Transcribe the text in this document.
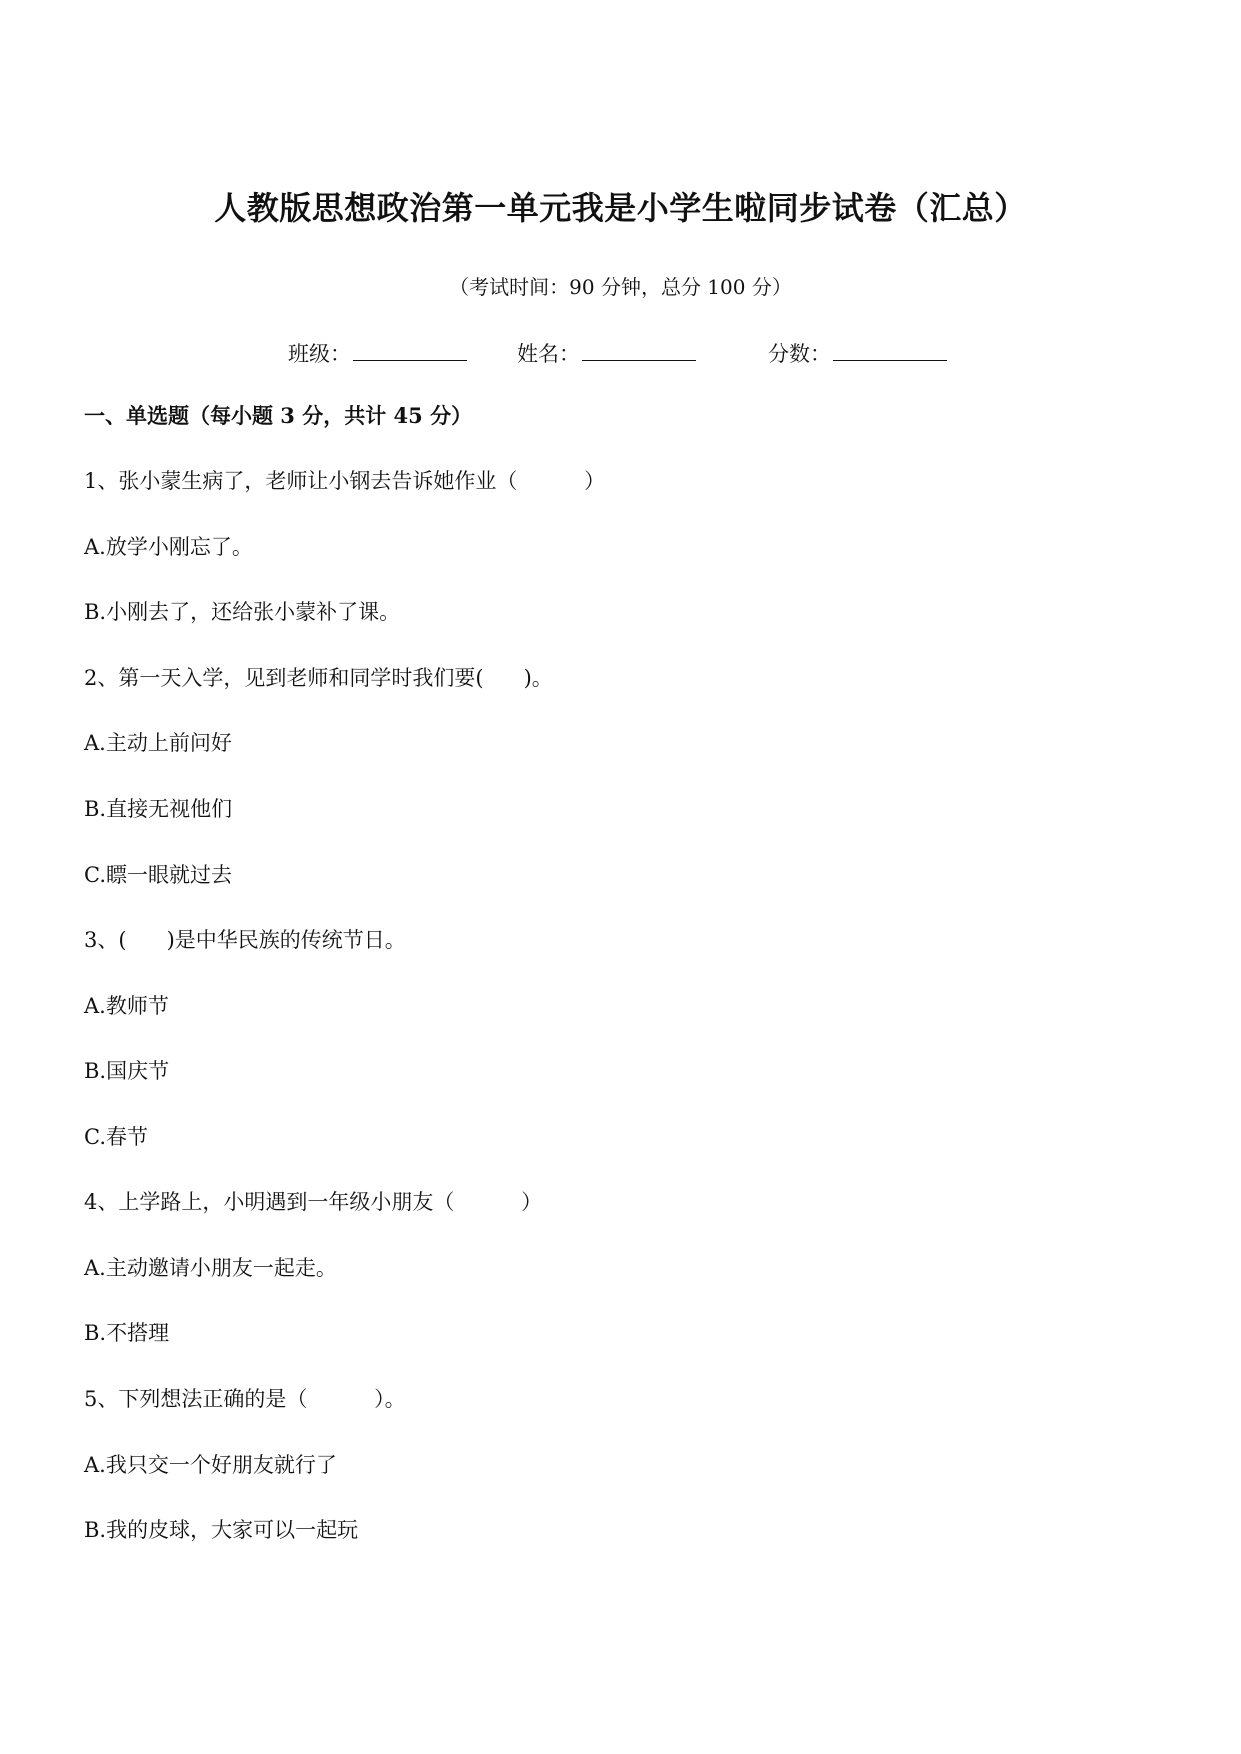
人教版思想政治第一单元我是小学生啦同步试卷（汇总）
（考试时间：90 分钟，总分 100 分）
班级：	姓名：	分数：
一、单选题（每小题 3 分，共计 45 分）
1、张小蒙生病了，老师让小钢去告诉她作业（          ）
A.放学小刚忘了。
B.小刚去了，还给张小蒙补了课。
2、第一天入学，见到老师和同学时我们要(      )。
A.主动上前问好
B.直接无视他们
C.瞟一眼就过去
3、(      )是中华民族的传统节日。
A.教师节
B.国庆节
C.春节
4、上学路上，小明遇到一年级小朋友（          ）
A.主动邀请小朋友一起走。
B.不搭理
5、下列想法正确的是（          ）。
A.我只交一个好朋友就行了
B.我的皮球，大家可以一起玩
